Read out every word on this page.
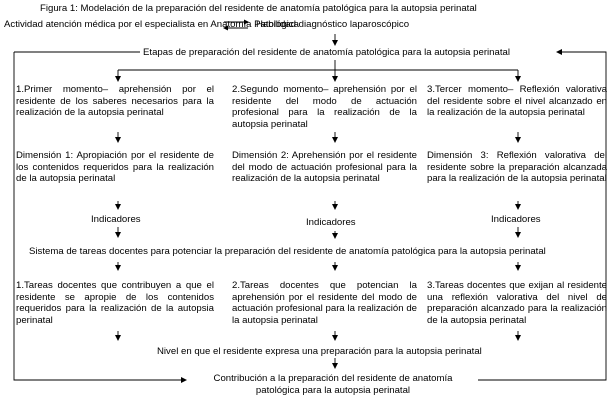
Figura 1: Modelación de la preparación del residente de anatomía patológica para la autopsia perinatal

Actividad atención médica por el especialista en Anatomía Patológica

Habilidad diagnóstico laparoscópico

Etapas de preparación del residente de anatomía patológica para la autopsia perinatal

1.Primer momento– aprehensión por el residente de los saberes necesarios para la realización de la autopsia perinatal

2.Segundo momento– aprehensión por el residente del modo de actuación profesional para la realización de la autopsia perinatal

3.Tercer momento– Reflexión valorativa del residente sobre el nivel alcanzado en la realización de la autopsia perinatal

Dimensión 1: Apropiación por el residente de los contenidos requeridos para la realización de la autopsia perinatal

Dimensión 2: Aprehensión por el residente del modo de actuación profesional para la realización de la autopsia perinatal

Dimensión 3: Reflexión valorativa del residente sobre la preparación alcanzada para la realización de la autopsia perinatal

Indicadores	Indicadores	Indicadores

Sistema de tareas docentes para potenciar la preparación del residente de anatomía patológica para la autopsia perinatal

1.Tareas docentes que contribuyen a que el residente se apropie de los contenidos requeridos para la realización de la autopsia perinatal

2.Tareas docentes que potencian la aprehensión por el residente del modo de actuación profesional para la realización de la autopsia perinatal

3.Tareas docentes que exijan al residente una reflexión valorativa del nivel de preparación alcanzado para la realización de la autopsia perinatal

Nivel en que el residente expresa una preparación para la autopsia perinatal

Contribución a la preparación del residente de anatomía

patológica para la autopsia perinatal
